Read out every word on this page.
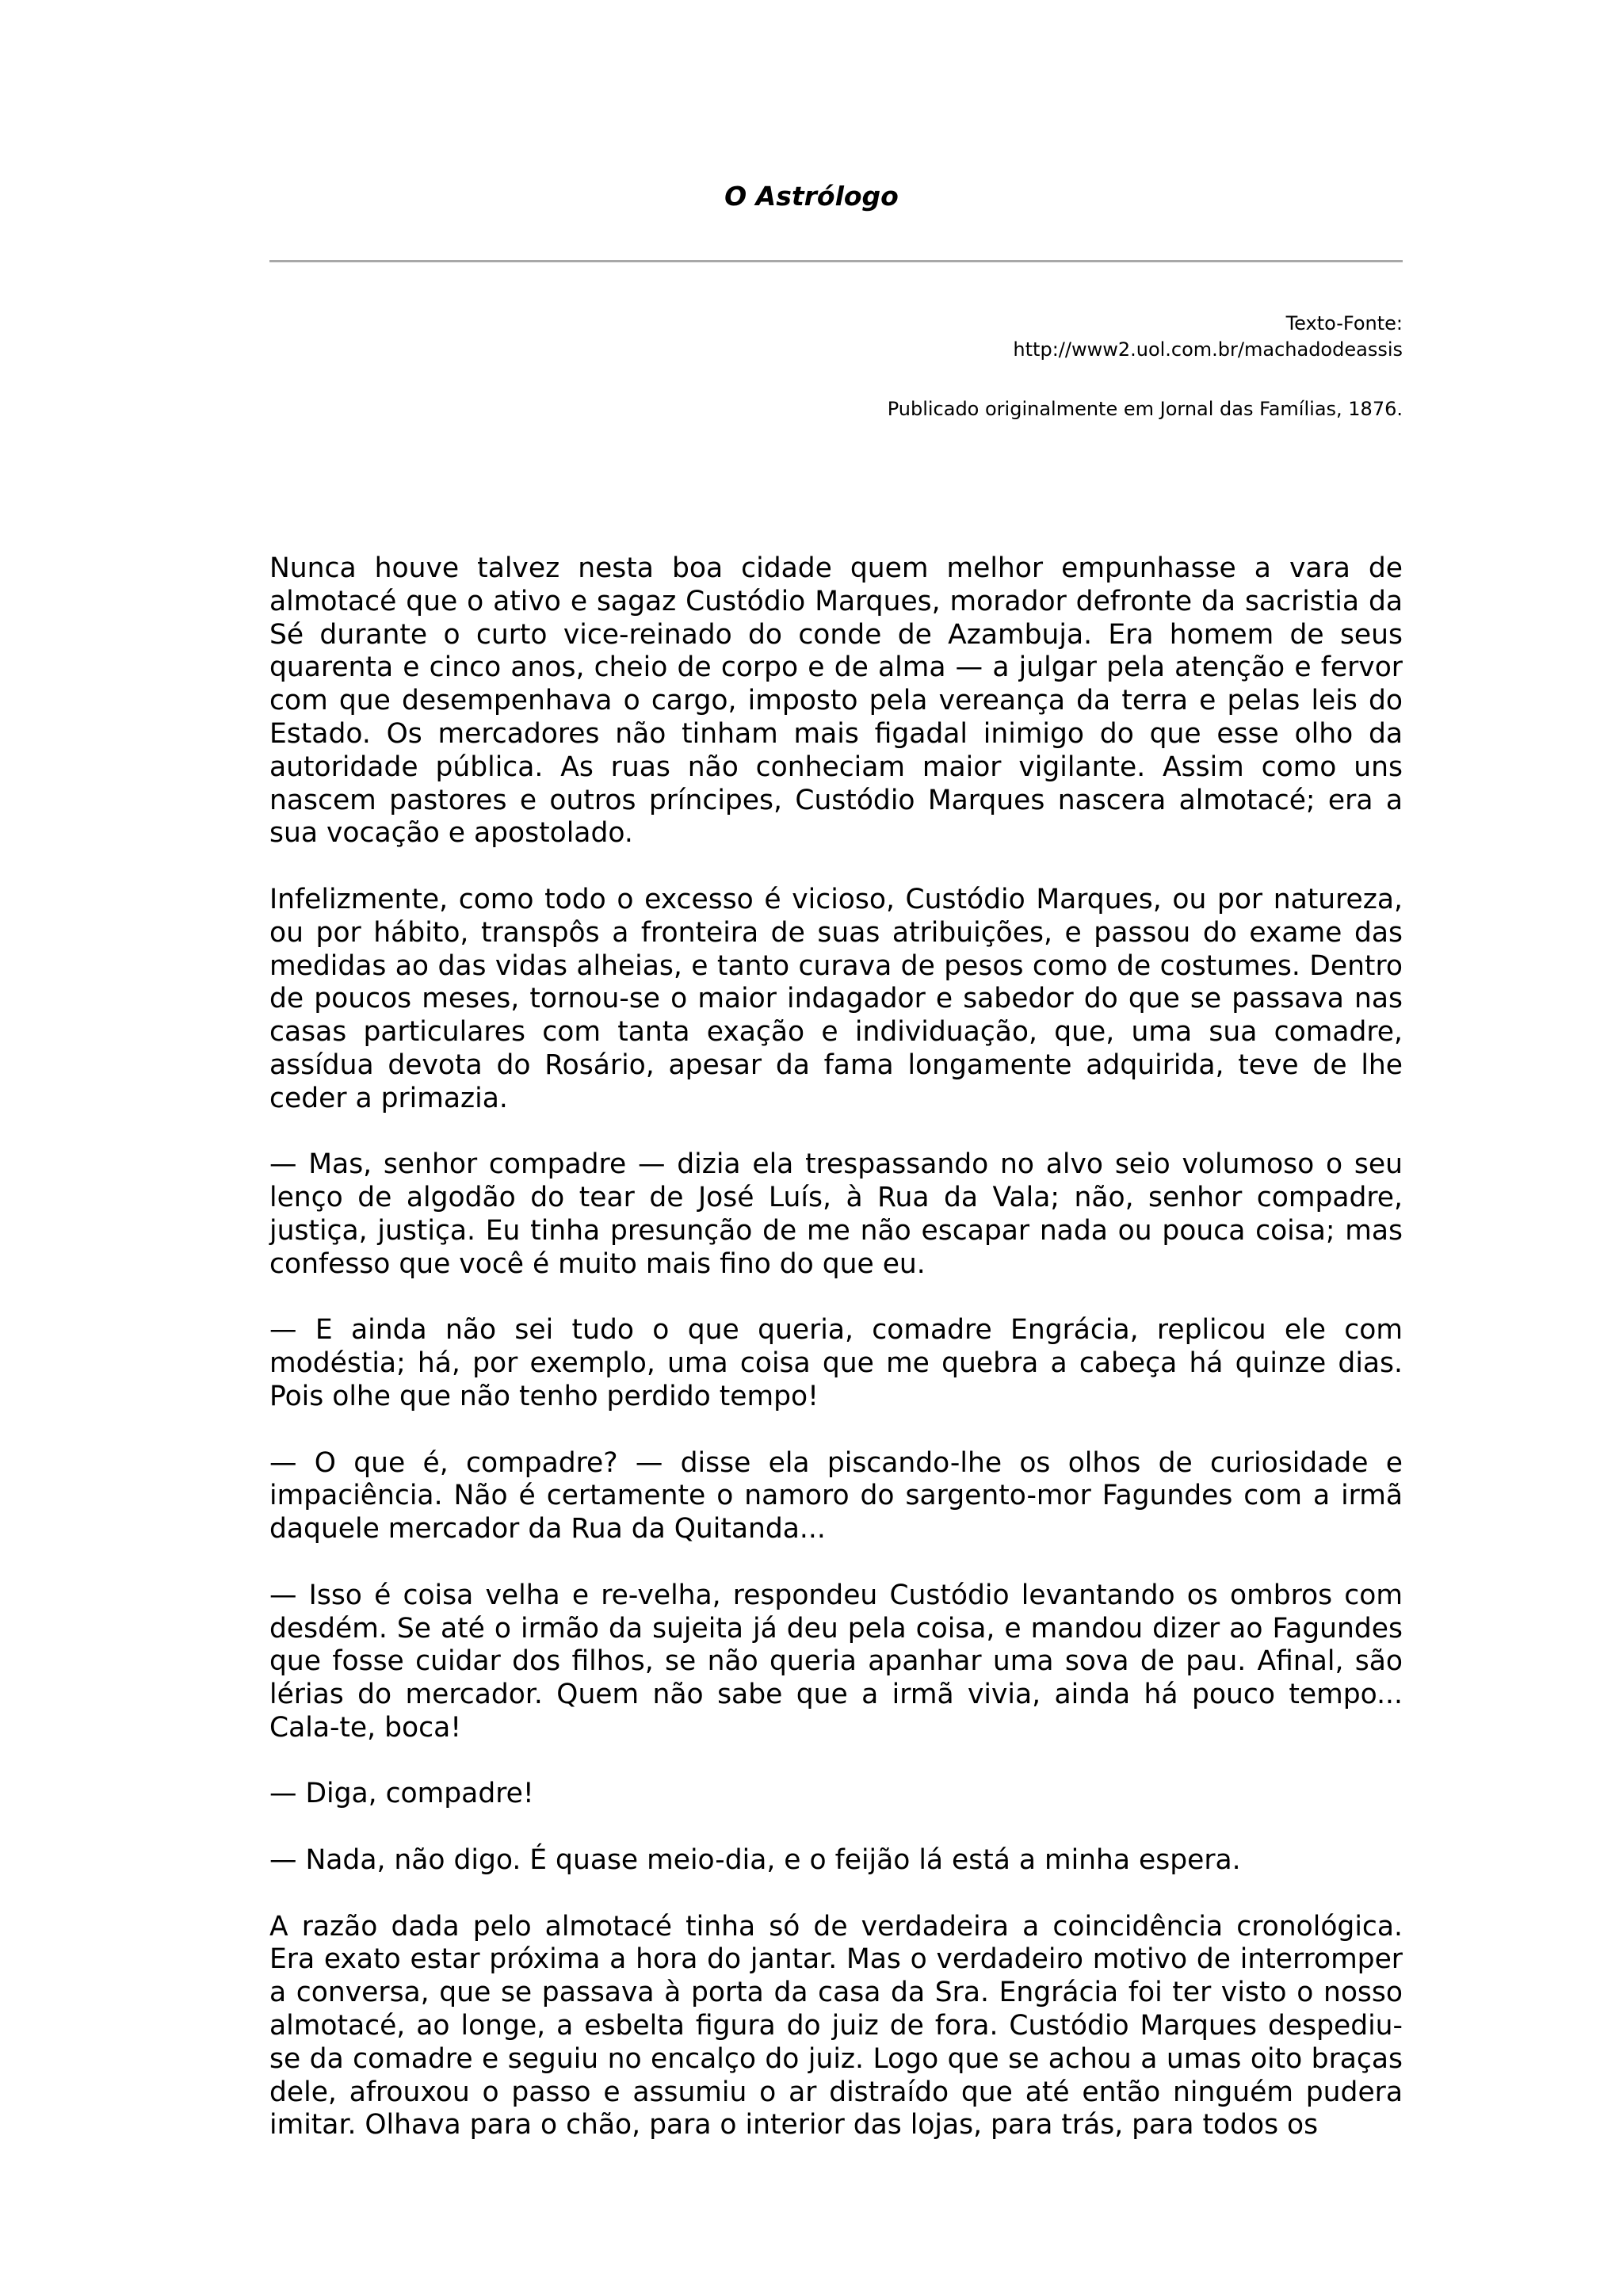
O Astrólogo
Texto-Fonte:
http://www2.uol.com.br/machadodeassis
Publicado originalmente em Jornal das Famílias, 1876.

Nunca houve talvez nesta boa cidade quem melhor empunhasse a vara de almotacé que o ativo e sagaz Custódio Marques, morador defronte da sacristia da Sé durante o curto vice-reinado do conde de Azambuja. Era homem de seus quarenta e cinco anos, cheio de corpo e de alma — a julgar pela atenção e fervor com que desempenhava o cargo, imposto pela vereança da terra e pelas leis do Estado. Os mercadores não tinham mais figadal inimigo do que esse olho da autoridade pública. As ruas não conheciam maior vigilante. Assim como uns nascem pastores e outros príncipes, Custódio Marques nascera almotacé; era a sua vocação e apostolado.

Infelizmente, como todo o excesso é vicioso, Custódio Marques, ou por natureza, ou por hábito, transpôs a fronteira de suas atribuições, e passou do exame das medidas ao das vidas alheias, e tanto curava de pesos como de costumes. Dentro de poucos meses, tornou-se o maior indagador e sabedor do que se passava nas casas particulares com tanta exação e individuação, que, uma sua comadre, assídua devota do Rosário, apesar da fama longamente adquirida, teve de lhe ceder a primazia.

— Mas, senhor compadre — dizia ela trespassando no alvo seio volumoso o seu lenço de algodão do tear de José Luís, à Rua da Vala; não, senhor compadre, justiça, justiça. Eu tinha presunção de me não escapar nada ou pouca coisa; mas confesso que você é muito mais fino do que eu.

— E ainda não sei tudo o que queria, comadre Engrácia, replicou ele com modéstia; há, por exemplo, uma coisa que me quebra a cabeça há quinze dias. Pois olhe que não tenho perdido tempo!

— O que é, compadre? — disse ela piscando-lhe os olhos de curiosidade e impaciência. Não é certamente o namoro do sargento-mor Fagundes com a irmã daquele mercador da Rua da Quitanda...

— Isso é coisa velha e re-velha, respondeu Custódio levantando os ombros com desdém. Se até o irmão da sujeita já deu pela coisa, e mandou dizer ao Fagundes que fosse cuidar dos filhos, se não queria apanhar uma sova de pau. Afinal, são lérias do mercador. Quem não sabe que a irmã vivia, ainda há pouco tempo... Cala-te, boca!

— Diga, compadre!

— Nada, não digo. É quase meio-dia, e o feijão lá está a minha espera.

A razão dada pelo almotacé tinha só de verdadeira a coincidência cronológica. Era exato estar próxima a hora do jantar. Mas o verdadeiro motivo de interromper a conversa, que se passava à porta da casa da Sra. Engrácia foi ter visto o nosso almotacé, ao longe, a esbelta figura do juiz de fora. Custódio Marques despediu-se da comadre e seguiu no encalço do juiz. Logo que se achou a umas oito braças dele, afrouxou o passo e assumiu o ar distraído que até então ninguém pudera imitar. Olhava para o chão, para o interior das lojas, para trás, para todos os
